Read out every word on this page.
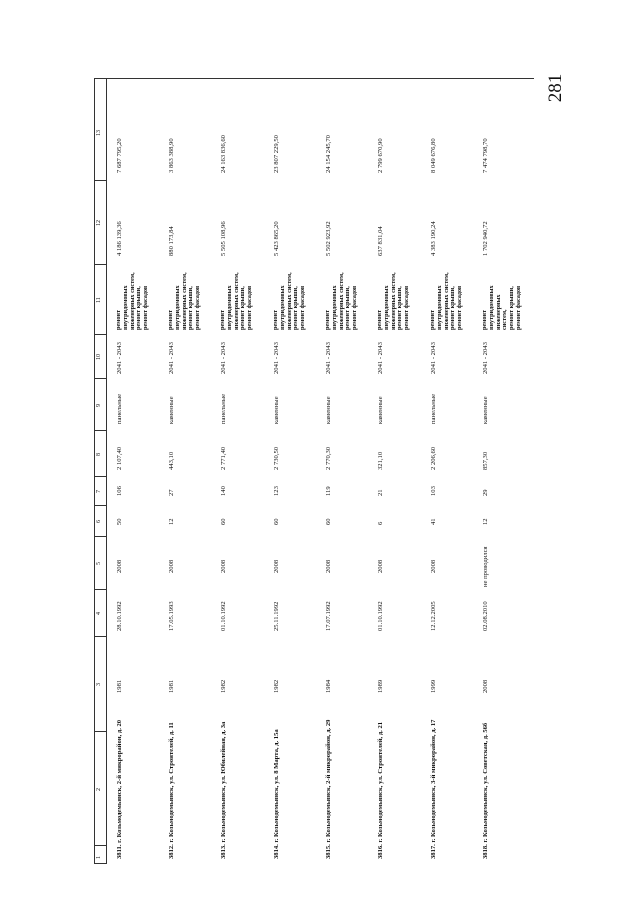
281
1
2
3
4
5
6
7
8
9
10
11
12
13
3811. г. Козьмодемьянск, 2-й микрорайон, д. 20
1981
28.10.1992
2008
50
106
2 107,40
панельные
2041 - 2043
ремонт
внутридомовых
инженерных систем,
ремонт крыши,
ремонт фасадов
4 186 139,36
7 687 795,20
3812. г. Козьмодемьянск, ул. Строителей, д. 11
1981
17.05.1993
2008
12
27
443,10
каменные
2041 - 2043
ремонт
внутридомовых
инженерных систем,
ремонт крыши,
ремонт фасадов
880 173,84
3 863 388,90
3813. г. Козьмодемьянск, ул. Юбилейная, д. 3а
1982
01.10.1992
2008
60
140
2 771,40
панельные
2041 - 2043
ремонт
внутридомовых
инженерных систем,
ремонт крыши,
ремонт фасадов
5 505 108,96
24 163 836,60
3814. г. Козьмодемьянск, ул. 8 Марта, д. 15а
1982
25.11.1992
2008
60
123
2 730,50
каменные
2041 - 2043
ремонт
внутридомовых
инженерных систем,
ремонт крыши,
ремонт фасадов
5 423 865,20
23 807 229,50
3815. г. Козьмодемьянск, 2-й микрорайон, д. 29
1984
17.07.1992
2008
60
119
2 770,30
каменные
2041 - 2043
ремонт
внутридомовых
инженерных систем,
ремонт крыши,
ремонт фасадов
5 502 923,92
24 154 245,70
3816. г. Козьмодемьянск, ул. Строителей, д. 21
1989
01.10.1992
2008
6
21
321,10
каменные
2041 - 2043
ремонт
внутридомовых
инженерных систем,
ремонт крыши,
ремонт фасадов
637 831,04
2 799 670,90
3817. г. Козьмодемьянск, 3-й микрорайон, д. 17
1999
12.12.2005
2008
41
103
2 206,60
панельные
2041 - 2043
ремонт
внутридомовых
инженерных систем,
ремонт крыши,
ремонт фасадов
4 383 190,24
8 049 676,80
3818. г. Козьмодемьянск, ул. Советская, д. 56б
2008
02.08.2010
не проводился
12
29
857,30
каменные
2041 - 2043
ремонт
внутридомовых
инженерных систем,
ремонт крыши,
ремонт фасадов
1 702 940,72
7 474 798,70
